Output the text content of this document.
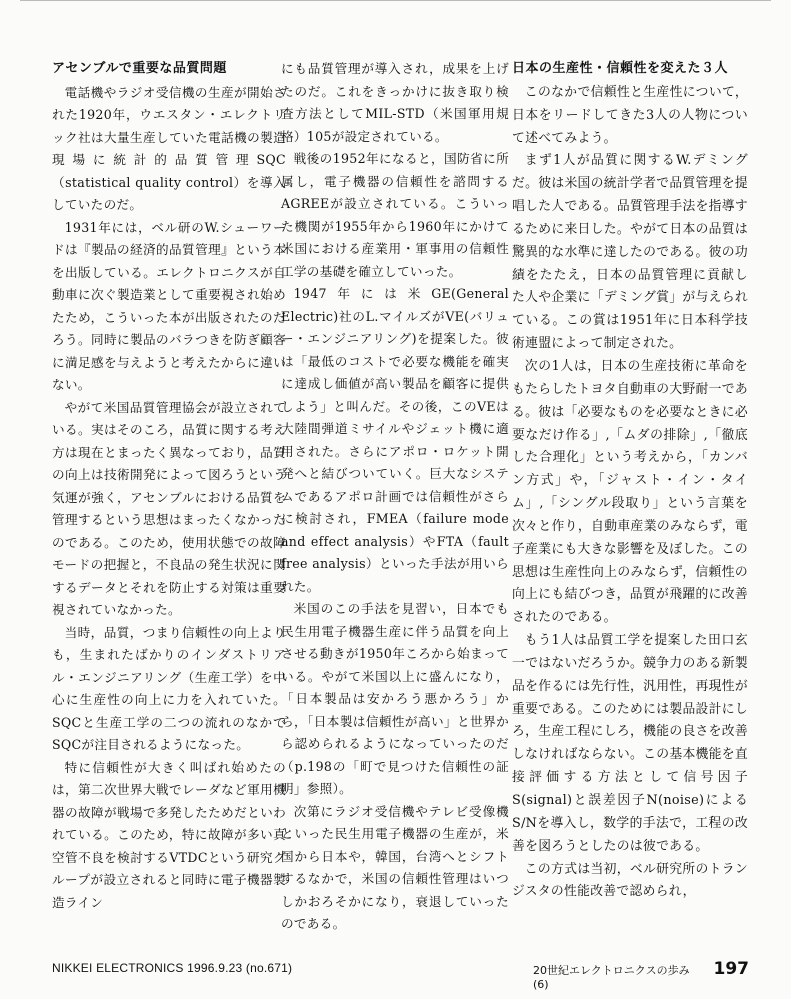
アセンブルで重要な品質問題

電話機やラジオ受信機の生産が開始された1920年，ウエスタン・エレクトリック社は大量生産していた電話機の製造現場に統計的品質管理SQC（statistical quality control）を導入していたのだ。

1931年には，ベル研のW.シューワードは『製品の経済的品質管理』という本を出版している。エレクトロニクスが自動車に次ぐ製造業として重要視され始めたため，こういった本が出版されたのだろう。同時に製品のバラつきを防ぎ顧客に満足感を与えようと考えたからに違いない。

やがて米国品質管理協会が設立されている。実はそのころ，品質に関する考え方は現在とまったく異なっており，品質の向上は技術開発によって図ろうという気運が強く，アセンブルにおける品質を管理するという思想はまったくなかったのである。このため，使用状態での故障モードの把握と，不良品の発生状況に関するデータとそれを防止する対策は重要視されていなかった。

当時，品質，つまり信頼性の向上よりも，生まれたばかりのインダストリアル・エンジニアリング（生産工学）を中心に生産性の向上に力を入れていた。SQCと生産工学の二つの流れのなかでSQCが注目されるようになった。

特に信頼性が大きく叫ばれ始めたのは，第二次世界大戦でレーダなど軍用機器の故障が戦場で多発したためだといわれている。このため，特に故障が多い真空管不良を検討するVTDCという研究グループが設立されると同時に電子機器製造ライン

にも品質管理が導入され，成果を上げたのだ。これをきっかけに抜き取り検査方法としてMIL-STD（米国軍用規格）105が設定されている。

戦後の1952年になると，国防省に所属し，電子機器の信頼性を諮問するAGREEが設立されている。こういった機関が1955年から1960年にかけて米国における産業用・軍事用の信頼性工学の基礎を確立していった。

1947年には米GE(General Electric)社のL.マイルズがVE(バリュー・エンジニアリング)を提案した。彼は「最低のコストで必要な機能を確実に達成し価値が高い製品を顧客に提供しよう」と叫んだ。その後，このVEは大陸間弾道ミサイルやジェット機に適用された。さらにアポロ・ロケット開発へと結びついていく。巨大なシステムであるアポロ計画では信頼性がさらに検討され，FMEA（failure mode and effect analysis）やFTA（fault free analysis）といった手法が用いられた。

米国のこの手法を見習い，日本でも民生用電子機器生産に伴う品質を向上させる動きが1950年ころから始まっている。やがて米国以上に盛んになり，「日本製品は安かろう悪かろう」から，「日本製は信頼性が高い」と世界から認められるようになっていったのだ（p.198の「町で見つけた信頼性の証明」参照）。

次第にラジオ受信機やテレビ受像機といった民生用電子機器の生産が，米国から日本や，韓国，台湾へとシフトするなかで，米国の信頼性管理はいつしかおろそかになり，衰退していったのである。

日本の生産性・信頼性を変えた３人

このなかで信頼性と生産性について，日本をリードしてきた3人の人物について述べてみよう。

まず1人が品質に関するW.デミングだ。彼は米国の統計学者で品質管理を提唱した人である。品質管理手法を指導するために来日した。やがて日本の品質は驚異的な水準に達したのである。彼の功績をたたえ，日本の品質管理に貢献した人や企業に「デミング賞」が与えられている。この賞は1951年に日本科学技術連盟によって制定された。

次の1人は，日本の生産技術に革命をもたらしたトヨタ自動車の大野耐一である。彼は「必要なものを必要なときに必要なだけ作る」,「ムダの排除」,「徹底した合理化」という考えから，「カンバン方式」や，「ジャスト・イン・タイム」,「シングル段取り」という言葉を次々と作り，自動車産業のみならず，電子産業にも大きな影響を及ぼした。この思想は生産性向上のみならず，信頼性の向上にも結びつき，品質が飛躍的に改善されたのである。

もう1人は品質工学を提案した田口玄一ではないだろうか。競争力のある新製品を作るには先行性，汎用性，再現性が重要である。このためには製品設計にしろ，生産工程にしろ，機能の良さを改善しなければならない。この基本機能を直接評価する方法として信号因子S(signal)と誤差因子N(noise)によるS/Nを導入し，数学的手法で，工程の改善を図ろうとしたのは彼である。

この方式は当初，ベル研究所のトランジスタの性能改善で認められ，

NIKKEI ELECTRONICS 1996.9.23 (no.671)	20世紀エレクトロニクスの歩み(6)
197
